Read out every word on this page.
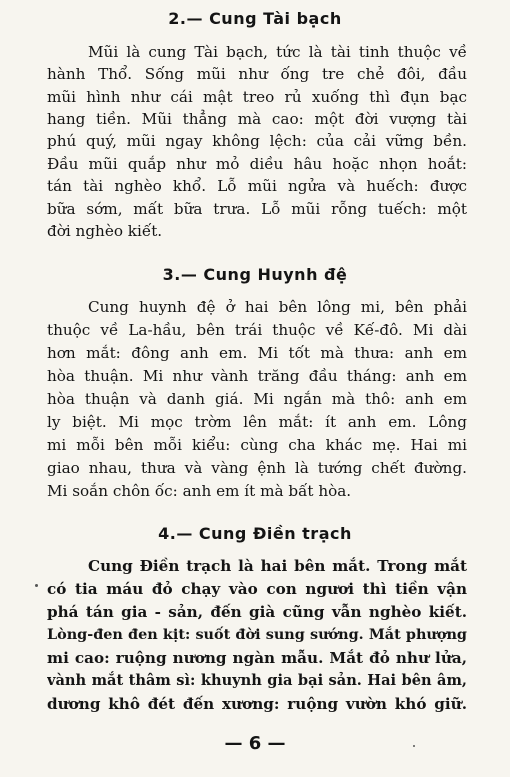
2.— Cung Tài bạch
Mũi là cung Tài bạch, tức là tài tinh thuộc về
hành Thổ. Sống mũi như ống tre chẻ đôi, đầu
mũi hình như cái mật treo rủ xuống thì đụn bạc
hang tiền. Mũi thẳng mà cao: một đời vượng tài
phú quý, mũi ngay không lệch: của cải vững bền.
Đầu mũi quắp như mỏ diều hâu hoặc nhọn hoắt:
tán tài nghèo khổ. Lỗ mũi ngửa và huếch: được
bữa sớm, mất bữa trưa. Lỗ mũi rỗng tuếch: một
đời nghèo kiết.
3.— Cung Huynh đệ
Cung huynh đệ ở hai bên lông mi, bên phải
thuộc về La-hầu, bên trái thuộc về Kế-đô. Mi dài
hơn mắt: đông anh em. Mi tốt mà thưa: anh em
hòa thuận. Mi như vành trăng đầu tháng: anh em
hòa thuận và danh giá. Mi ngắn mà thô: anh em
ly biệt. Mi mọc trờm lên mắt: ít anh em. Lông
mi mỗi bên mỗi kiểu: cùng cha khác mẹ. Hai mi
giao nhau, thưa và vàng ệnh là tướng chết đường.
Mi soắn chôn ốc: anh em ít mà bất hòa.
4.— Cung Điền trạch
Cung Điền trạch là hai bên mắt. Trong mắt
có tia máu đỏ chạy vào con ngươi thì tiền vận
phá tán gia - sản, đến già cũng vẫn nghèo kiết.
Lòng-đen đen kịt: suốt đời sung sướng. Mắt phượng
mi cao: ruộng nương ngàn mẫu. Mắt đỏ như lửa,
vành mắt thâm sì: khuynh gia bại sản. Hai bên âm,
dương khô đét đến xương: ruộng vườn khó giữ.
— 6 —
